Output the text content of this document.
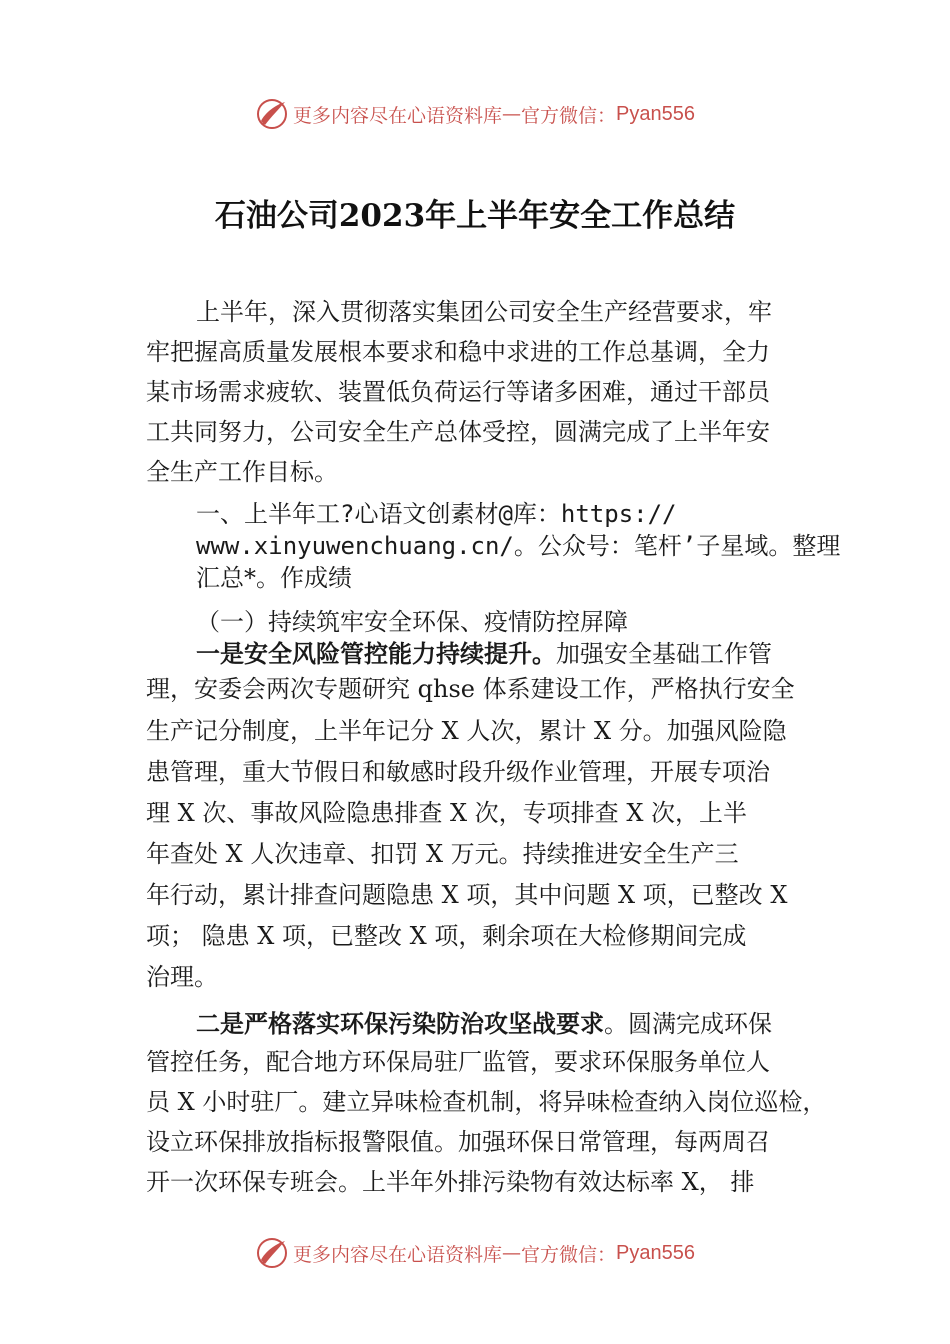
更多内容尽在心语资料库 — 官方微信： Pyan556
石油公司2023年上半年安全工作总结
上半年，深入贯彻落实集团公司安全生产经营要求，牢
牢把握高质量发展根本要求和稳中求进的工作总基调，全力
某市场需求疲软、装置低负荷运行等诸多困难，通过干部员
工共同努力，公司安全生产总体受控，圆满完成了上半年安
全生产工作目标。
一、上半年工?心语文创素材@库：https://
www.xinyuwenchuang.cn/。公众号：笔杆’子星域。整理
汇总*。作成绩
（一）持续筑牢安全环保、疫情防控屏障
一是安全风险管控能力持续提升。加强安全基础工作管
理，安委会两次专题研究 qhse 体系建设工作，严格执行安全
生产记分制度，上半年记分 X 人次，累计 X 分。加强风险隐
患管理，重大节假日和敏感时段升级作业管理，开展专项治
理 X 次、事故风险隐患排查 X 次，专项排查 X 次，上半
年查处 X 人次违章、扣罚 X 万元。持续推进安全生产三
年行动，累计排查问题隐患 X 项，其中问题 X 项，已整改 X
项； 隐患 X 项，已整改 X 项，剩余项在大检修期间完成
治理。
二是严格落实环保污染防治攻坚战要求。圆满完成环保
管控任务，配合地方环保局驻厂监管，要求环保服务单位人
员 X 小时驻厂。建立异味检查机制，将异味检查纳入岗位巡检，
设立环保排放指标报警限值。加强环保日常管理，每两周召
开一次环保专班会。上半年外排污染物有效达标率 X， 排
更多内容尽在心语资料库 — 官方微信： Pyan556
